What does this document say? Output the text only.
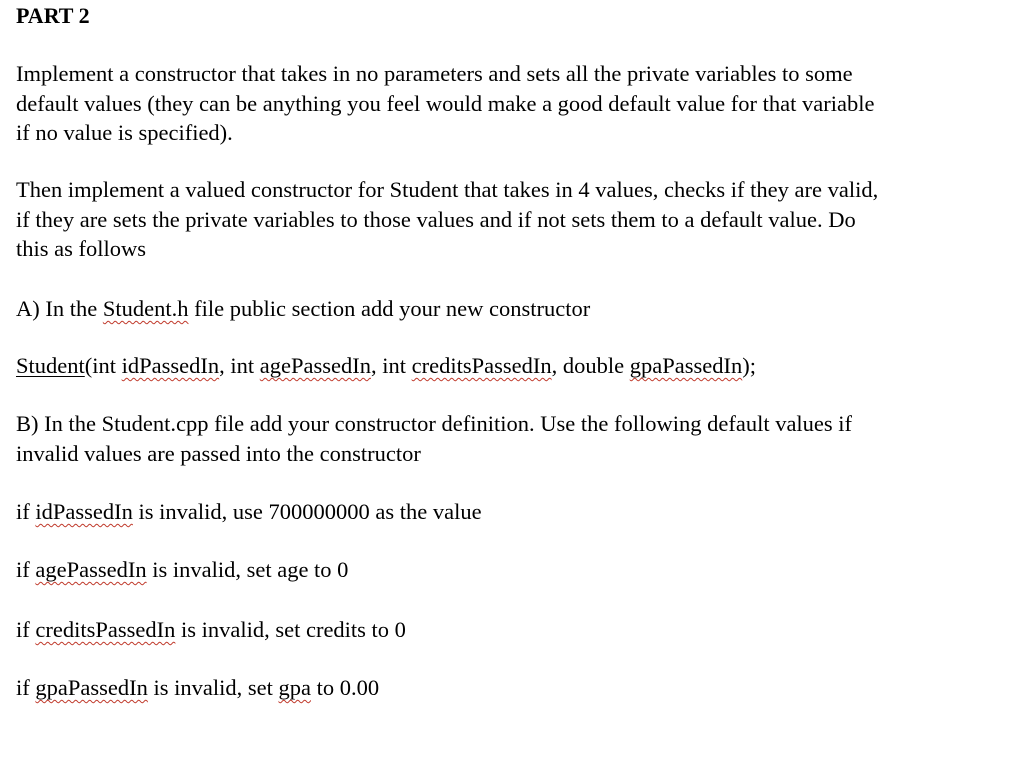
PART 2
Implement a constructor that takes in no parameters and sets all the private variables to some
default values (they can be anything you feel would make a good default value for that variable
if no value is specified).
Then implement a valued constructor for Student that takes in 4 values, checks if they are valid,
if they are sets the private variables to those values and if not sets them to a default value. Do
this as follows
A) In the Student.h file public section add your new constructor
Student(int idPassedIn, int agePassedIn, int creditsPassedIn, double gpaPassedIn);
B) In the Student.cpp file add your constructor definition. Use the following default values if
invalid values are passed into the constructor
if idPassedIn is invalid, use 700000000 as the value
if agePassedIn is invalid, set age to 0
if creditsPassedIn is invalid, set credits to 0
if gpaPassedIn is invalid, set gpa to 0.00
